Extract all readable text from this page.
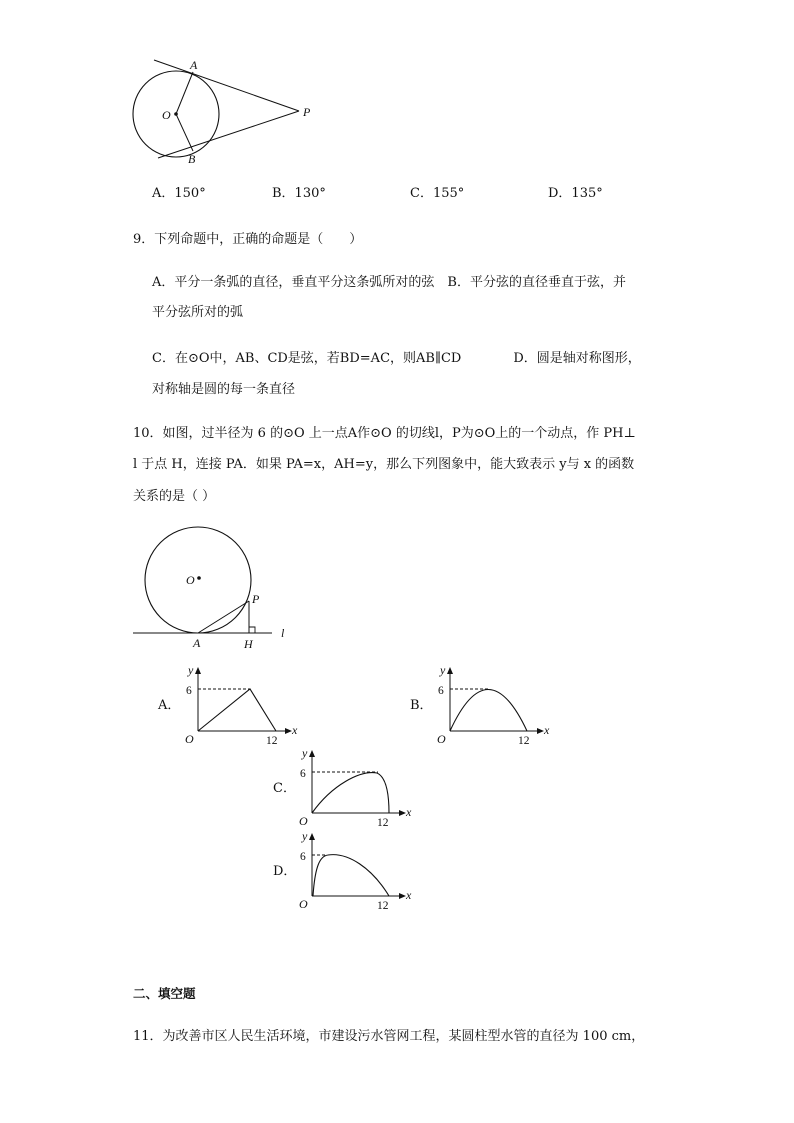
A
B
O	P
A．150°	B．130°	C．155°	D．135°
9．下列命题中，正确的命题是（　　）
A．平分一条弧的直径，垂直平分这条弧所对的弦　B．平分弦的直径垂直于弦，并
平分弦所对的弧
C．在⊙O中，AB、CD是弦，若BD=AC，则AB∥CD　　　　D．圆是轴对称图形，
对称轴是圆的每一条直径
10．如图，过半径为 6 的⊙O 上一点A作⊙O 的切线l，P为⊙O上的一个动点，作 PH⊥
l 于点 H，连接 PA．如果 PA=x，AH=y，那么下列图象中，能大致表示 y与 x 的函数
关系的是（ ）
O
P
A	H
l
A．	B．
C．
D．
y
x
O
6
12
y
x
O
6
12
y
x
O
6
12
y
x
O
6
12
二、填空题
11．为改善市区人民生活环境，市建设污水管网工程，某圆柱型水管的直径为 100 cm，
